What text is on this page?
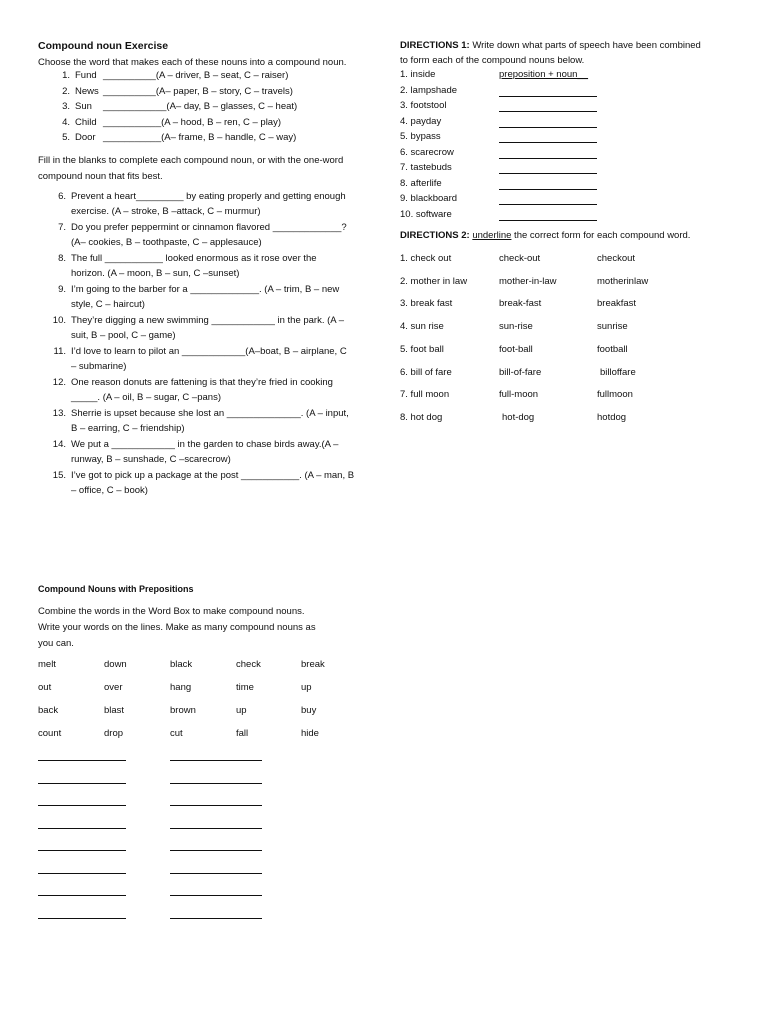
Compound noun Exercise
Choose the word that makes each of these nouns into a compound noun.
1. Fund __________(A – driver, B – seat, C – raiser)
2. News __________(A– paper, B – story, C – travels)
3. Sun ____________(A– day, B – glasses, C – heat)
4. Child ___________(A – hood, B – ren, C – play)
5. Door ___________(A– frame, B – handle, C – way)
Fill in the blanks to complete each compound noun, or with the one-word
compound noun that fits best.
6. Prevent a heart_________ by eating properly and getting enough
exercise. (A – stroke, B –attack, C – murmur)
7. Do you prefer peppermint or cinnamon flavored _____________?
(A– cookies, B – toothpaste, C – applesauce)
8. The full ___________ looked enormous as it rose over the
horizon. (A – moon, B – sun, C –sunset)
9. I’m going to the barber for a _____________. (A – trim, B – new
style, C – haircut)
10. They’re digging a new swimming ____________ in the park. (A –
suit, B – pool, C – game)
11. I’d love to learn to pilot an ____________(A–boat, B – airplane, C
– submarine)
12. One reason donuts are fattening is that they’re fried in cooking
_____. (A – oil, B – sugar, C –pans)
13. Sherrie is upset because she lost an ______________. (A – input,
B – earring, C – friendship)
14. We put a ____________ in the garden to chase birds away.(A –
runway, B – sunshade, C –scarecrow)
15. I’ve got to pick up a package at the post ___________. (A – man, B
– office, C – book)
DIRECTIONS 1: Write down what parts of speech have been combined
to form each of the compound nouns below.
1. inside	preposition + noun__
2. lampshade
3. footstool
4. payday
5. bypass
6. scarecrow
7. tastebuds
8. afterlife
9. blackboard
10. software
DIRECTIONS 2: underline the correct form for each compound word.
1. check out	check-out	checkout
2. mother in law	mother-in-law	motherinlaw
3. break fast	break-fast	breakfast
4. sun rise	sun-rise	sunrise
5. foot ball	foot-ball	football
6. bill of fare	bill-of-fare	billoffare
7. full moon	full-moon	fullmoon
8. hot dog	hot-dog	hotdog
Compound Nouns with Prepositions
Combine the words in the Word Box to make compound nouns.
Write your words on the lines. Make as many compound nouns as
you can.
melt	down	black	check	break
out	over	hang	time	up
back	blast	brown	up	buy
count	drop	cut	fall	hide
